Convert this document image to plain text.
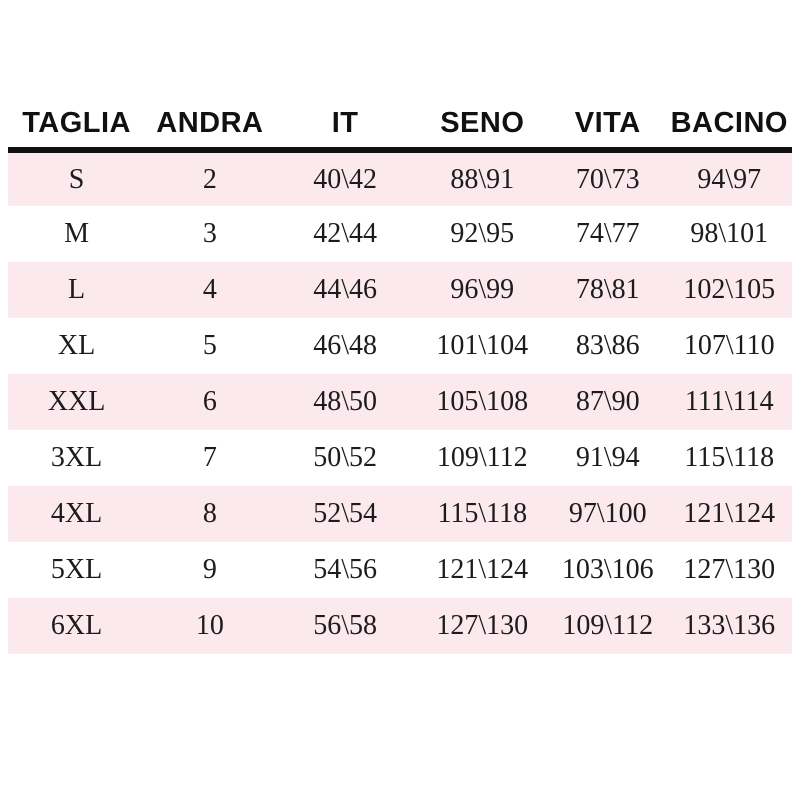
TAGLIA	ANDRA	IT	SENO	VITA	BACINO
S	2	40\42	88\91	70\73	94\97
M	3	42\44	92\95	74\77	98\101
L	4	44\46	96\99	78\81	102\105
XL	5	46\48	101\104	83\86	107\110
XXL	6	48\50	105\108	87\90	111\114
3XL	7	50\52	109\112	91\94	115\118
4XL	8	52\54	115\118	97\100	121\124
5XL	9	54\56	121\124	103\106	127\130
6XL	10	56\58	127\130	109\112	133\136
